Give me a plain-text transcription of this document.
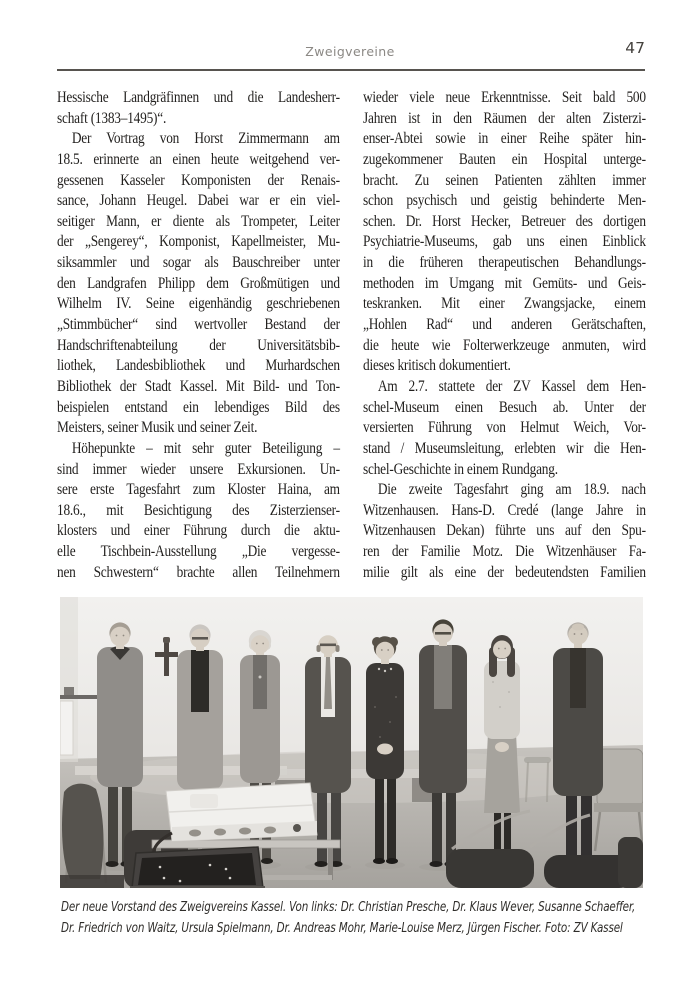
Zweigvereine	47
Hessische Landgräfinnen und die Landesherr-
schaft (1383–1495)“.
Der Vortrag von Horst Zimmermann am
18.5. erinnerte an einen heute weitgehend ver-
gessenen Kasseler Komponisten der Renais-
sance, Johann Heugel. Dabei war er ein viel-
seitiger Mann, er diente als Trompeter, Leiter
der „Sengerey“, Komponist, Kapellmeister, Mu-
siksammler und sogar als Bauschreiber unter
den Landgrafen Philipp dem Großmütigen und
Wilhelm IV. Seine eigenhändig geschriebenen
„Stimmbücher“ sind wertvoller Bestand der
Handschriftenabteilung der Universitätsbib-
liothek, Landesbibliothek und Murhardschen
Bibliothek der Stadt Kassel. Mit Bild- und Ton-
beispielen entstand ein lebendiges Bild des
Meisters, seiner Musik und seiner Zeit.
Höhepunkte – mit sehr guter Beteiligung –
sind immer wieder unsere Exkursionen. Un-
sere erste Tagesfahrt zum Kloster Haina, am
18.6., mit Besichtigung des Zisterzienser-
klosters und einer Führung durch die aktu-
elle Tischbein-Ausstellung „Die vergesse-
nen Schwestern“ brachte allen Teilnehmern
wieder viele neue Erkenntnisse. Seit bald 500
Jahren ist in den Räumen der alten Zisterzi-
enser-Abtei sowie in einer Reihe später hin-
zugekommener Bauten ein Hospital unterge-
bracht. Zu seinen Patienten zählten immer
schon psychisch und geistig behinderte Men-
schen. Dr. Horst Hecker, Betreuer des dortigen
Psychiatrie-Museums, gab uns einen Einblick
in die früheren therapeutischen Behandlungs-
methoden im Umgang mit Gemüts- und Geis-
teskranken. Mit einer Zwangsjacke, einem
„Hohlen Rad“ und anderen Gerätschaften,
die heute wie Folterwerkzeuge anmuten, wird
dieses kritisch dokumentiert.
Am 2.7. stattete der ZV Kassel dem Hen-
schel-Museum einen Besuch ab. Unter der
versierten Führung von Helmut Weich, Vor-
stand / Museumsleitung, erlebten wir die Hen-
schel-Geschichte in einem Rundgang.
Die zweite Tagesfahrt ging am 18.9. nach
Witzenhausen. Hans-D. Credé (lange Jahre in
Witzenhausen Dekan) führte uns auf den Spu-
ren der Familie Motz. Die Witzenhäuser Fa-
milie gilt als eine der bedeutendsten Familien
Der neue Vorstand des Zweigvereins Kassel. Von links: Dr. Christian Presche, Dr. Klaus Wever, Susanne Schaeffer,
Dr. Friedrich von Waitz, Ursula Spielmann, Dr. Andreas Mohr, Marie-Louise Merz, Jürgen Fischer. Foto: ZV Kassel
